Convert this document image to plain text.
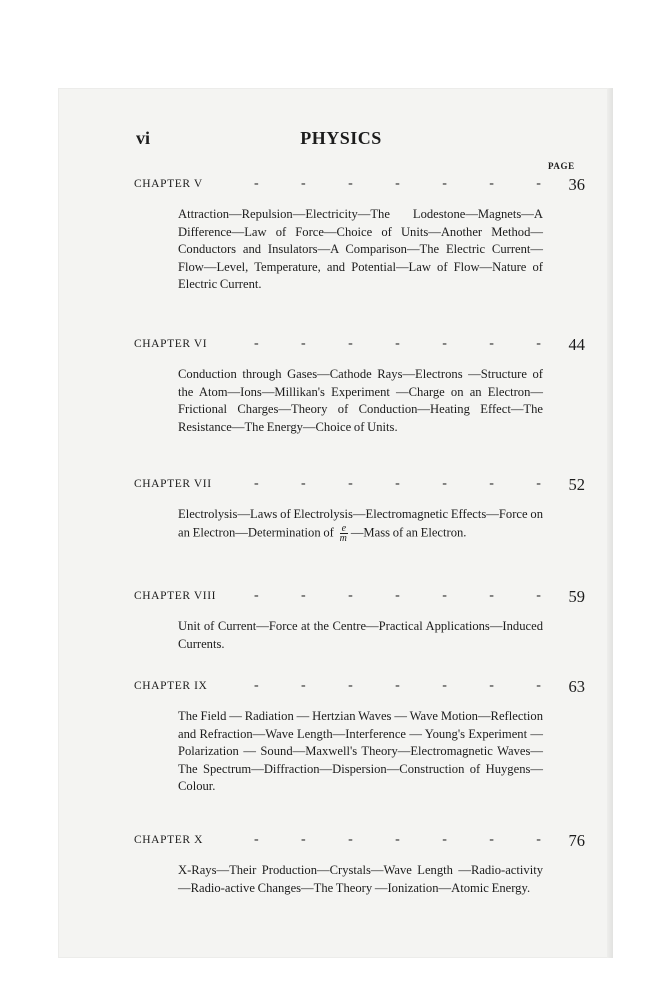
vi	PHYSICS
PAGE
CHAPTER V	-	-	-	-	-	-	- 36
Attraction—Repulsion—Electricity—The Lodestone—Magnets—A Difference—Law of Force—Choice of Units—Another Method—Conductors and Insulators—A Comparison—The Electric Current—Flow—Level, Temperature, and Potential—Law of Flow—Nature of Electric Current.
CHAPTER VI	-	-	-	-	-	-	- 44
Conduction through Gases—Cathode Rays—Electrons —Structure of the Atom—Ions—Millikan's Experiment —Charge on an Electron—Frictional Charges—Theory of Conduction—Heating Effect—The Resistance—The Energy—Choice of Units.
CHAPTER VII	-	-	-	-	-	-	- 52
Electrolysis—Laws of Electrolysis—Electromagnetic Effects—Force on an Electron—Determination of $\frac{e}{m}$ —Mass of an Electron.
CHAPTER VIII	-	-	-	-	-	-	- 59
Unit of Current—Force at the Centre—Practical Applications—Induced Currents.
CHAPTER IX	-	-	-	-	-	-	- 63
The Field — Radiation — Hertzian Waves — Wave Motion—Reflection and Refraction—Wave Length—Interference — Young's Experiment — Polarization — Sound—Maxwell's Theory—Electromagnetic Waves—The Spectrum—Diffraction—Dispersion—Construction of Huygens—Colour.
CHAPTER X	-	-	-	-	-	-	- 76
X-Rays—Their Production—Crystals—Wave Length —Radio-activity—Radio-active Changes—The Theory —Ionization—Atomic Energy.
